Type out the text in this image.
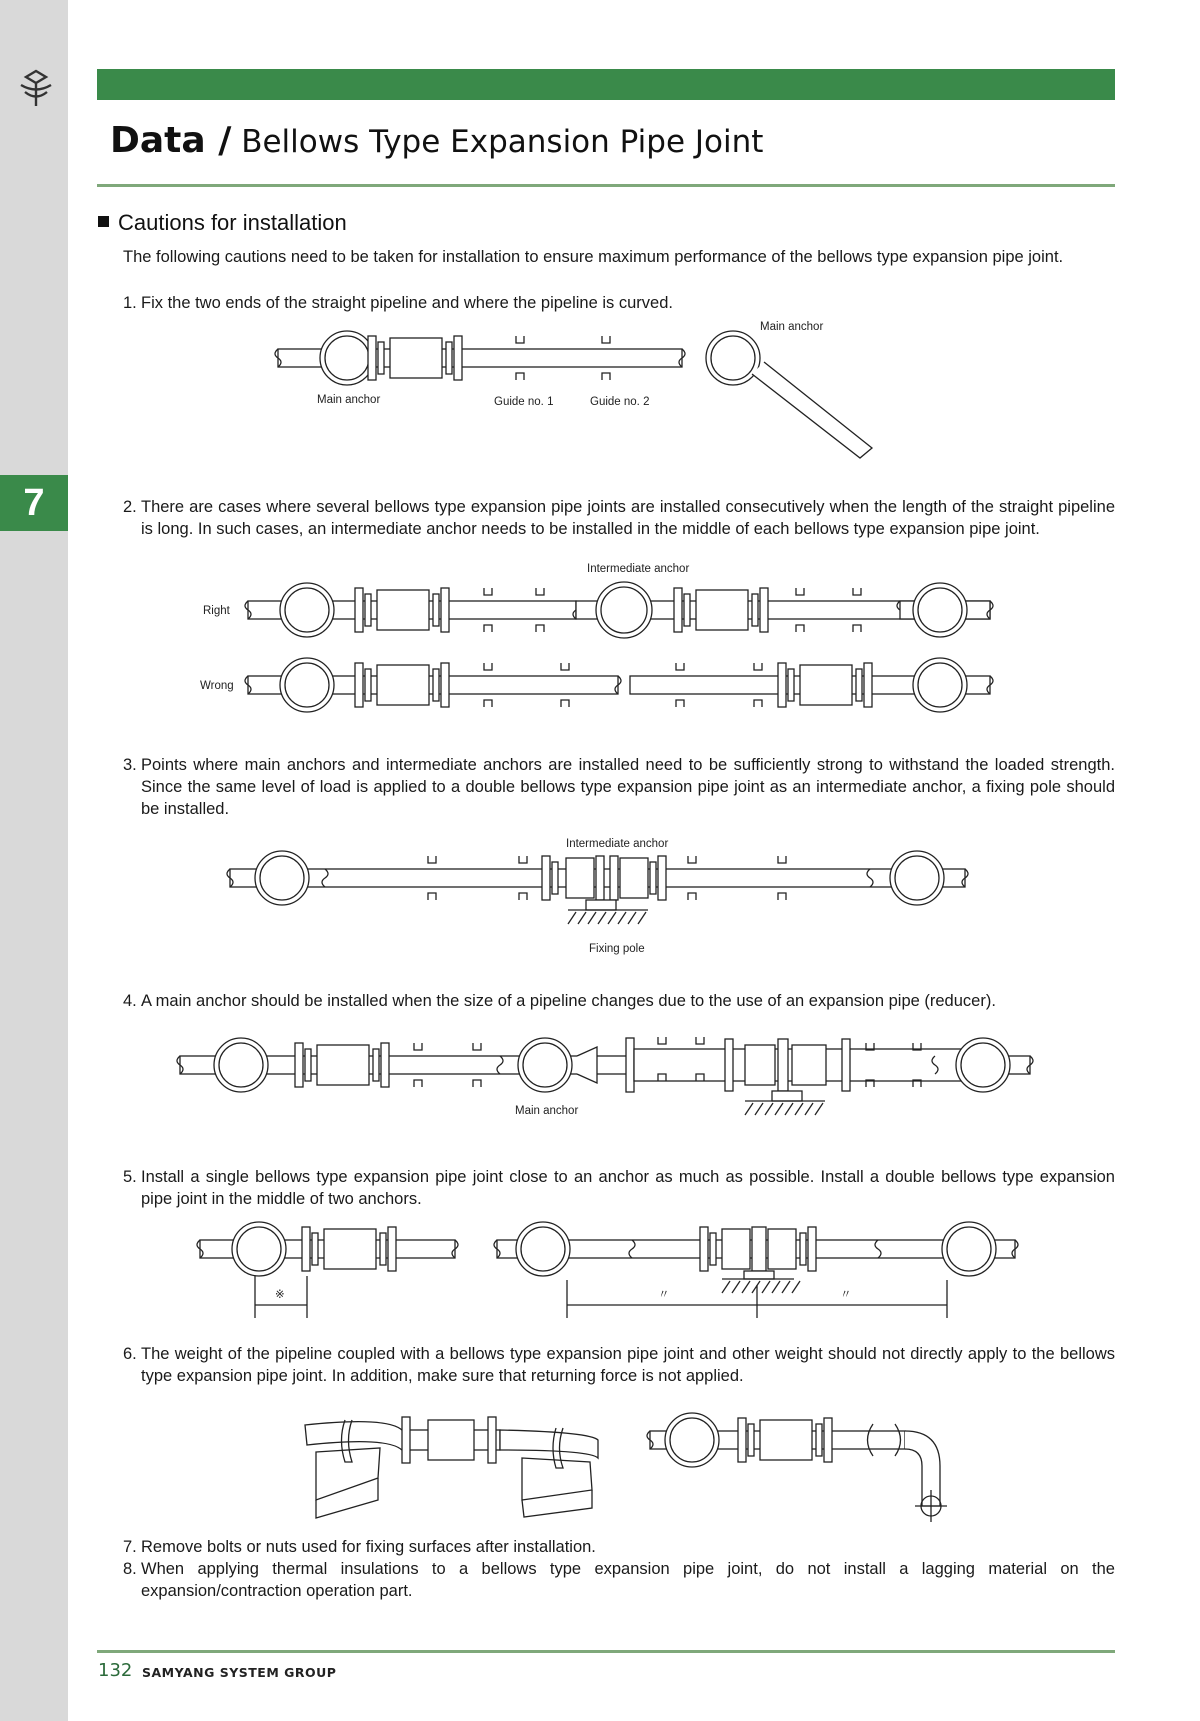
7
Data / Bellows Type Expansion Pipe Joint
Cautions for installation
The following cautions need to be taken for installation to ensure maximum performance of the bellows type expansion pipe joint.
1. Fix the two ends of the straight pipeline and where the pipeline is curved.
2. There are cases where several bellows type expansion pipe joints are installed consecutively when the length of the straight pipeline is long. In such cases, an intermediate anchor needs to be installed in the middle of each bellows type expansion pipe joint.
3. Points where main anchors and intermediate anchors are installed need to be sufficiently strong to withstand the loaded strength. Since the same level of load is applied to a double bellows type expansion pipe joint as an intermediate anchor, a fixing pole should be installed.
4. A main anchor should be installed when the size of a pipeline changes due to the use of an expansion pipe (reducer).
5. Install a single bellows type expansion pipe joint close to an anchor as much as possible. Install a double bellows type expansion pipe joint in the middle of two anchors.
6. The weight of the pipeline coupled with a bellows type expansion pipe joint and other weight should not directly apply to the bellows type expansion pipe joint. In addition, make sure that returning force is not applied.
7. Remove bolts or nuts used for fixing surfaces after installation.
8. When applying thermal insulations to a bellows type expansion pipe joint, do not install a lagging material on the expansion/contraction operation part.
Main anchor
Main anchor
Guide no. 1	Guide no. 2
Intermediate anchor
Right
Wrong
Intermediate anchor
Fixing pole
Main anchor
※	〃	〃
132 SAMYANG SYSTEM GROUP
